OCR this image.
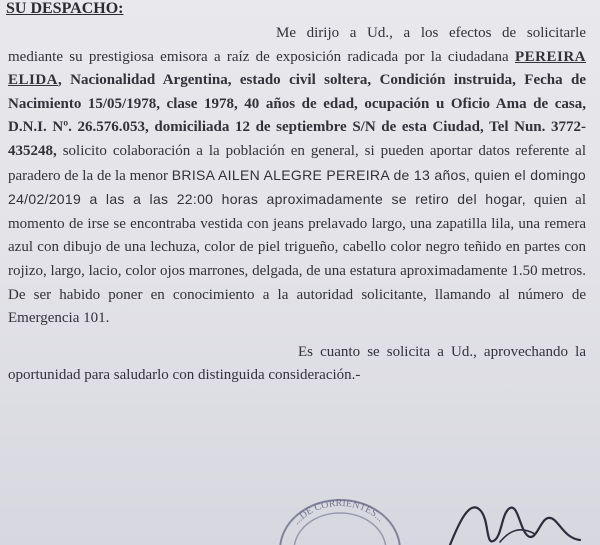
SU DESPACHO:

Me dirijo a Ud., a los efectos de solicitarle mediante su prestigiosa emisora a raíz de exposición radicada por la ciudadana PEREIRA ELIDA, Nacionalidad Argentina, estado civil soltera, Condición instruida, Fecha de Nacimiento 15/05/1978, clase 1978, 40 años de edad, ocupación u Oficio Ama de casa, D.N.I. Nº. 26.576.053, domiciliada 12 de septiembre S/N de esta Ciudad, Tel Nun. 3772-435248, solicito colaboración a la población en general, si pueden aportar datos referente al paradero de la de la menor BRISA AILEN ALEGRE PEREIRA de 13 años, quien el domingo 24/02/2019 a las a las 22:00 horas aproximadamente se retiro del hogar, quien al momento de irse se encontraba vestida con jeans prelavado largo, una zapatilla lila, una remera azul con dibujo de una lechuza, color de piel trigueño, cabello color negro teñido en partes con rojizo, largo, lacio, color ojos marrones, delgada, de una estatura aproximadamente 1.50 metros. De ser habido poner en conocimiento a la autoridad solicitante, llamando al número de Emergencia 101.

Es cuanto se solicita a Ud., aprovechando la oportunidad para saludarlo con distinguida consideración.-

...DE CORRIENTES...
